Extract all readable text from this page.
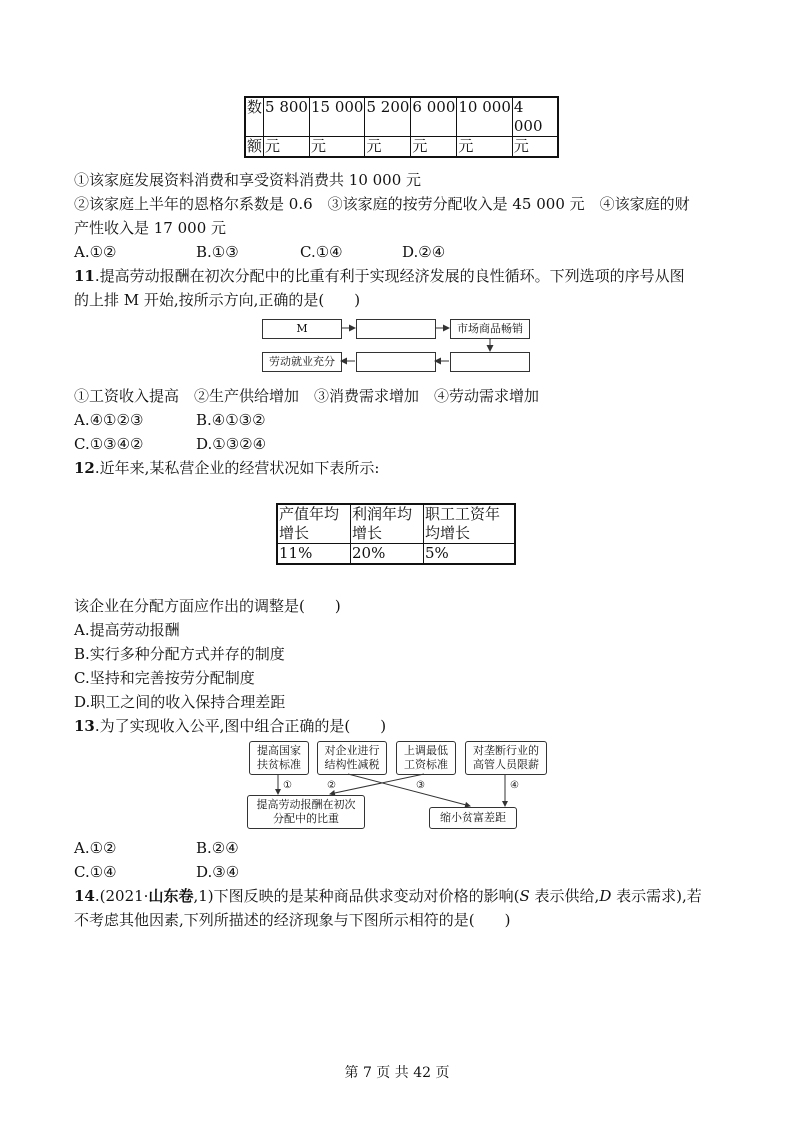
数	5 800	15 000	5 200	6 000	10 000	4 000
额	元	元	元	元	元	元
①该家庭发展资料消费和享受资料消费共 10 000 元
②该家庭上半年的恩格尔系数是 0.6　③该家庭的按劳分配收入是 45 000 元　④该家庭的财
产性收入是 17 000 元
A.①②	B.①③	C.①④	D.②④
11.提高劳动报酬在初次分配中的比重有利于实现经济发展的良性循环。下列选项的序号从图
的上排 M 开始,按所示方向,正确的是(　　)
M	市场商品畅销
劳动就业充分
①工资收入提高　②生产供给增加　③消费需求增加　④劳动需求增加
A.④①②③	B.④①③②
C.①③④②	D.①③②④
12.近年来,某私营企业的经营状况如下表所示:
产值年均
增长	利润年均
增长	职工工资年
均增长
11%	20%	5%
该企业在分配方面应作出的调整是(　　)
A.提高劳动报酬
B.实行多种分配方式并存的制度
C.坚持和完善按劳分配制度
D.职工之间的收入保持合理差距
13.为了实现收入公平,图中组合正确的是(　　)
提高国家
扶贫标准
对企业进行
结构性减税
上调最低
工资标准
对垄断行业的
高管人员限薪
提高劳动报酬在初次
分配中的比重	缩小贫富差距
①	②	③	④
A.①②	B.②④
C.①④	D.③④
14.(2021·山东卷,1)下图反映的是某种商品供求变动对价格的影响(S 表示供给,D 表示需求),若
不考虑其他因素,下列所描述的经济现象与下图所示相符的是(　　)
第 7 页 共 42 页
